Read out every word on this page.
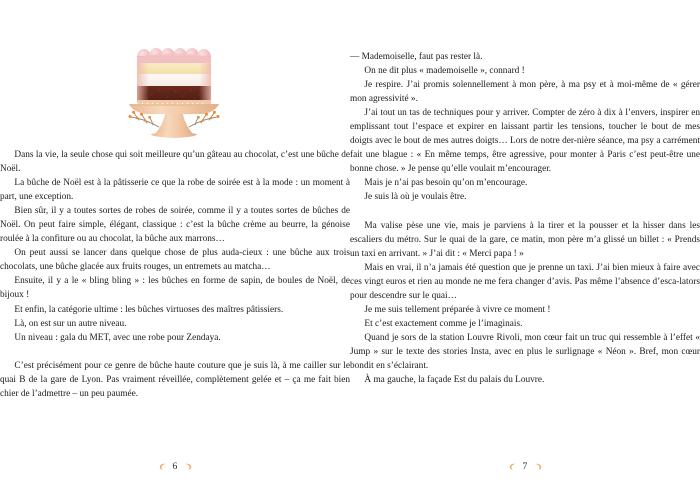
Dans la vie, la seule chose qui soit meilleure qu’un gâteau au chocolat, c’est une bûche de Noël.

La bûche de Noël est à la pâtisserie ce que la robe de soirée est à la mode : un moment à part, une exception.

Bien sûr, il y a toutes sortes de robes de soirée, comme il y a toutes sortes de bûches de Noël. On peut faire simple, élégant, classique : c’est la bûche crème au beurre, la génoise roulée à la confiture ou au chocolat, la bûche aux marrons…

On peut aussi se lancer dans quelque chose de plus auda-cieux : une bûche aux trois chocolats, une bûche glacée aux fruits rouges, un entremets au matcha…

Ensuite, il y a le « bling bling » : les bûches en forme de sapin, de boules de Noël, de bijoux !

Et enfin, la catégorie ultime : les bûches virtuoses des maîtres pâtissiers.

Là, on est sur un autre niveau.

Un niveau : gala du MET, avec une robe pour Zendaya.

C’est précisément pour ce genre de bûche haute couture que je suis là, à me cailler sur le quai B de la gare de Lyon. Pas vraiment réveillée, complètement gelée et – ça me fait bien chier de l’admettre – un peu paumée.

6

— Mademoiselle, faut pas rester là.

On ne dit plus « mademoiselle », connard !

Je respire. J’ai promis solennellement à mon père, à ma psy et à moi-même de « gérer mon agressivité ».

J’ai tout un tas de techniques pour y arriver. Compter de zéro à dix à l’envers, inspirer en emplissant tout l’espace et expirer en laissant partir les tensions, toucher le bout de mes doigts avec le bout de mes autres doigts… Lors de notre der-nière séance, ma psy a carrément fait une blague : « En même temps, être agressive, pour monter à Paris c’est peut-être une bonne chose. » Je pense qu’elle voulait m’encourager.

Mais je n’ai pas besoin qu’on m’encourage.

Je suis là où je voulais être.

Ma valise pèse une vie, mais je parviens à la tirer et la pousser et la hisser dans les escaliers du métro. Sur le quai de la gare, ce matin, mon père m’a glissé un billet : « Prends un taxi en arrivant. » J’ai dit : « Merci papa ! »

Mais en vrai, il n’a jamais été question que je prenne un taxi. J’ai bien mieux à faire avec ces vingt euros et rien au monde ne me fera changer d’avis. Pas même l’absence d’esca-lators pour descendre sur le quai…

Je me suis tellement préparée à vivre ce moment !

Et c’est exactement comme je l’imaginais.

Quand je sors de la station Louvre Rivoli, mon cœur fait un truc qui ressemble à l’effet « Jump » sur le texte des stories Insta, avec en plus le surlignage « Néon ». Bref, mon cœur bondit en s’éclairant.

À ma gauche, la façade Est du palais du Louvre.

7
